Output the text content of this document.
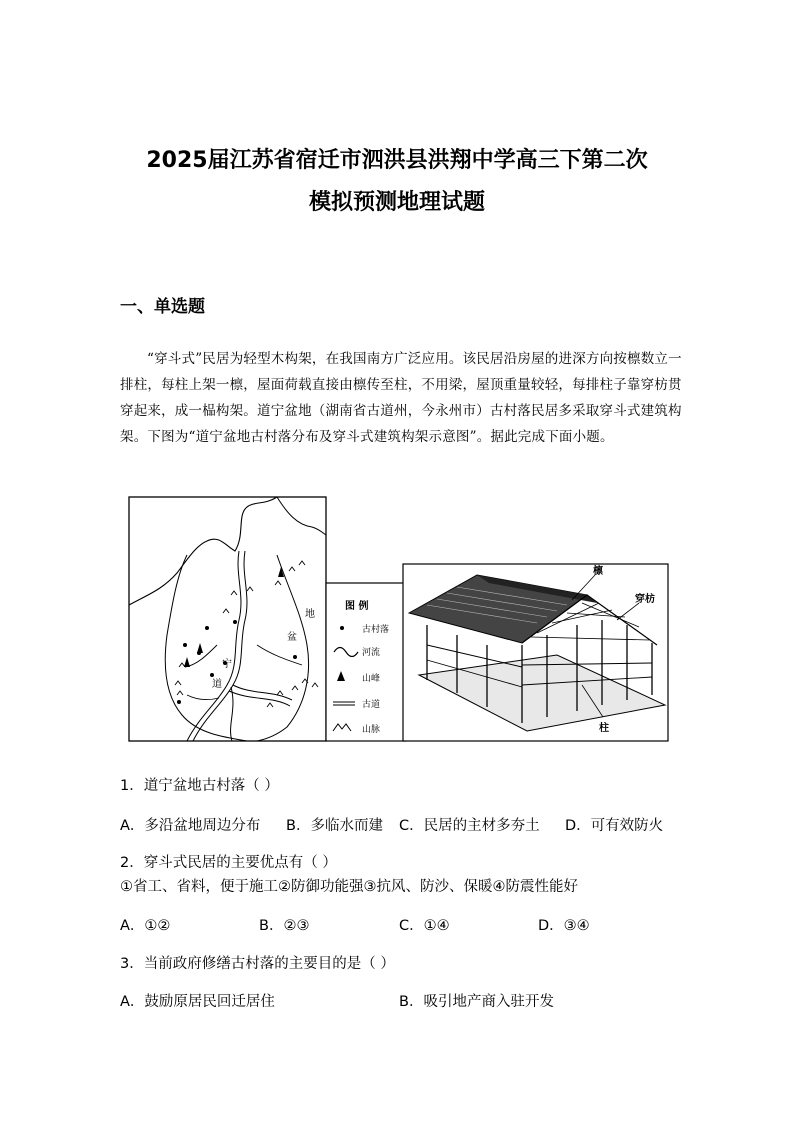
2025届江苏省宿迁市泗洪县洪翔中学高三下第二次
模拟预测地理试题
一、单选题
“穿斗式”民居为轻型木构架，在我国南方广泛应用。该民居沿房屋的进深方向按檩数立一排柱，每柱上架一檩，屋面荷载直接由檩传至柱，不用梁，屋顶重量较轻，每排柱子靠穿枋贯穿起来，成一榀构架。道宁盆地（湖南省古道州，今永州市）古村落民居多采取穿斗式建筑构架。下图为“道宁盆地古村落分布及穿斗式建筑构架示意图”。据此完成下面小题。
地
盆
宁
道
图 例
古村落
河流
山峰
古道
山脉
檩
穿枋
柱
1．道宁盆地古村落（ ）
A．多沿盆地周边分布 B．多临水而建 C．民居的主材多夯土 D．可有效防火
2．穿斗式民居的主要优点有（ ）
①省工、省料，便于施工②防御功能强③抗风、防沙、保暖④防震性能好
A．①②	B．②③	C．①④	D．③④
3．当前政府修缮古村落的主要目的是（ ）
A．鼓励原居民回迁居住	B．吸引地产商入驻开发
